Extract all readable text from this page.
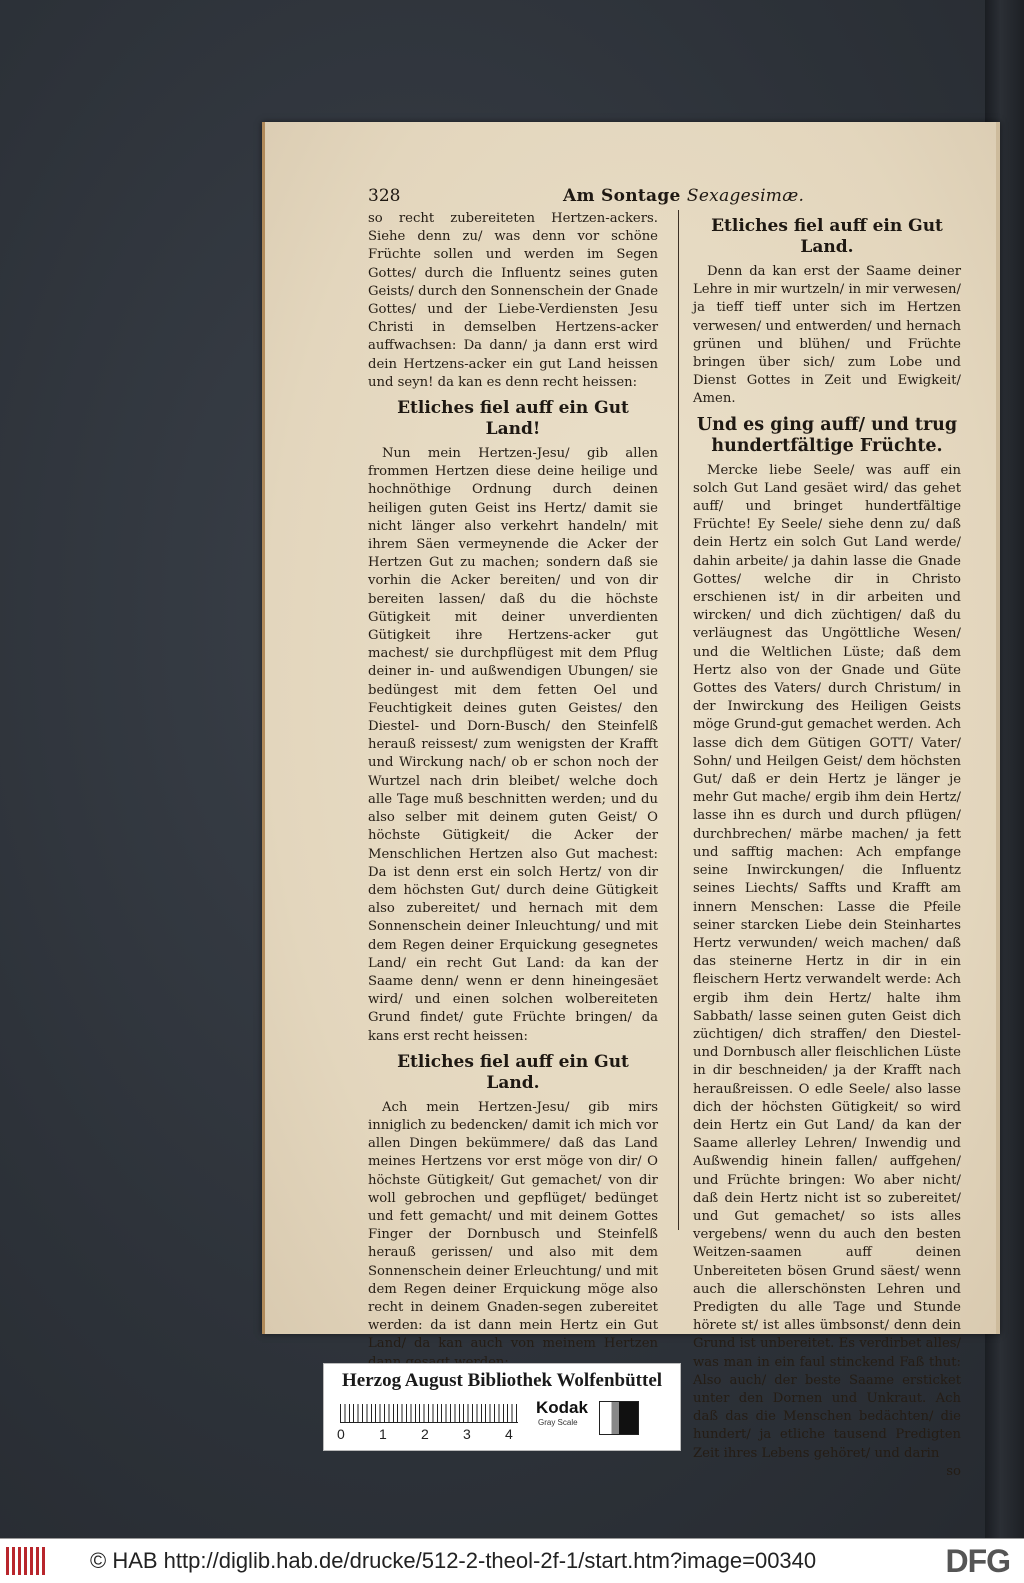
328	Am Sontage Sexagesimæ.

so recht zubereiteten Hertzen-ackers. Siehe denn zu/ was denn vor schöne Früchte sollen und werden im Segen Gottes/ durch die Influentz seines guten Geists/ durch den Sonnenschein der Gnade Gottes/ und der Liebe-Verdiensten Jesu Christi in demselben Hertzens-acker auffwachsen: Da dann/ ja dann erst wird dein Hertzens-acker ein gut Land heissen und seyn! da kan es denn recht heissen:

Etliches fiel auff ein Gut Land!

Nun mein Hertzen-Jesu/ gib allen frommen Hertzen diese deine heilige und hochnöthige Ordnung durch deinen heiligen guten Geist ins Hertz/ damit sie nicht länger also verkehrt handeln/ mit ihrem Säen vermeynende die Acker der Hertzen Gut zu machen; sondern daß sie vorhin die Acker bereiten/ und von dir bereiten lassen/ daß du die höchste Gütigkeit mit deiner unverdienten Gütigkeit ihre Hertzens-acker gut machest/ sie durchpflügest mit dem Pflug deiner in- und außwendigen Ubungen/ sie bedüngest mit dem fetten Oel und Feuchtigkeit deines guten Geistes/ den Diestel- und Dorn-Busch/ den Steinfelß herauß reissest/ zum wenigsten der Krafft und Wirckung nach/ ob er schon noch der Wurtzel nach drin bleibet/ welche doch alle Tage muß beschnitten werden; und du also selber mit deinem guten Geist/ O höchste Gütigkeit/ die Acker der Menschlichen Hertzen also Gut machest: Da ist denn erst ein solch Hertz/ von dir dem höchsten Gut/ durch deine Gütigkeit also zubereitet/ und hernach mit dem Sonnenschein deiner Inleuchtung/ und mit dem Regen deiner Erquickung gesegnetes Land/ ein recht Gut Land: da kan der Saame denn/ wenn er denn hineingesäet wird/ und einen solchen wolbereiteten Grund findet/ gute Früchte bringen/ da kans erst recht heissen:

Etliches fiel auff ein Gut Land.

Ach mein Hertzen-Jesu/ gib mirs inniglich zu bedencken/ damit ich mich vor allen Dingen bekümmere/ daß das Land meines Hertzens vor erst möge von dir/ O höchste Gütigkeit/ Gut gemachet/ von dir woll gebrochen und gepflüget/ bedünget und fett gemacht/ und mit deinem Gottes Finger der Dornbusch und Steinfelß herauß gerissen/ und also mit dem Sonnenschein deiner Erleuchtung/ und mit dem Regen deiner Erquickung möge also recht in deinem Gnaden-segen zubereitet werden: da ist dann mein Hertz ein Gut Land/ da kan auch von meinem Hertzen

Etliches fiel auff ein Gut Land.

Denn da kan erst der Saame deiner Lehre in mir wurtzeln/ in mir verwesen/ ja tieff tieff unter sich im Hertzen verwesen/ und entwerden/ und hernach grünen und blühen/ und Früchte bringen über sich/ zum Lobe und Dienst Gottes in Zeit und Ewigkeit/ Amen.

Und es ging auff/ und trug hundertfältige Früchte.

Mercke liebe Seele/ was auff ein solch Gut Land gesäet wird/ das gehet auff/ und bringet hundertfältige Früchte! Ey Seele/ siehe denn zu/ daß dein Hertz ein solch Gut Land werde/ dahin arbeite/ ja dahin lasse die Gnade Gottes/ welche dir in Christo erschienen ist/ in dir arbeiten und wircken/ und dich züchtigen/ daß du verläugnest das Ungöttliche Wesen/ und die Weltlichen Lüste; daß dem Hertz also von der Gnade und Güte Gottes des Vaters/ durch Christum/ in der Inwirckung des Heiligen Geists möge Grund-gut gemachet werden. Ach lasse dich dem Gütigen GOTT/ Vater/ Sohn/ und Heilgen Geist/ dem höchsten Gut/ daß er dein Hertz je länger je mehr Gut mache/ ergib ihm dein Hertz/ lasse ihn es durch und durch pflügen/ durchbrechen/ märbe machen/ ja fett und safftig machen: Ach empfange seine Inwirckungen/ die Influentz seines Liechts/ Saffts und Krafft am innern Menschen: Lasse die Pfeile seiner starcken Liebe dein Steinhartes Hertz verwunden/ weich machen/ daß das steinerne Hertz in dir in ein fleischern Hertz verwandelt werde: Ach ergib ihm dein Hertz/ halte ihm Sabbath/ lasse seinen guten Geist dich züchtigen/ dich straffen/ den Diestel- und Dornbusch aller fleischlichen Lüste in dir beschneiden/ ja der Krafft nach heraußreissen. O edle Seele/ also lasse dich der höchsten Gütigkeit/ so wird dein Hertz ein Gut Land/ da kan der Saame allerley Lehren/ Inwendig und Außwendig hinein fallen/ auffgehen/ und Früchte bringen: Wo aber nicht/ daß dein Hertz nicht ist so zubereitet/ und Gut gemachet/ so ists alles vergebens/ wenn du auch den besten Weitzen-saamen auff deinen Unbereiteten bösen Grund säest/ wenn auch die allerschönsten Lehren und Predigten du alle Tage und Stunde hörete st/ ist alles ümbsonst/ denn dein Grund ist unbereitet. Es verdirbet alles/ was man in ein faul stinckend Faß thut: Also auch/ der beste Saame ersticket unter den Dornen und Unkraut. Ach daß das die Menschen bedächten/ die hundert/ ja etliche tausend Predigten Zeit ihres Lebens gehöret/ und darin

so

Herzog August Bibliothek Wolfenbüttel
0 1 2 3 4
Kodak
Gray Scale
© HAB http://diglib.hab.de/drucke/512-2-theol-2f-1/start.htm?image=00340	DFG
